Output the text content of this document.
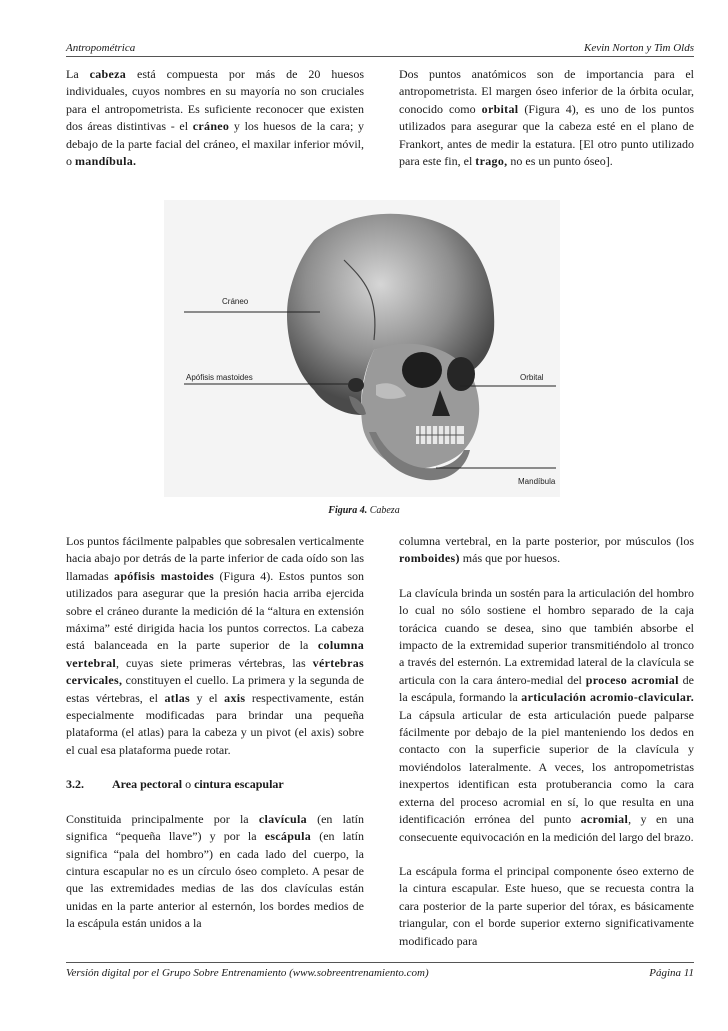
Antropométrica	Kevin Norton y Tim Olds

La cabeza está compuesta por más de 20 huesos individuales, cuyos nombres en su mayoría no son cruciales para el antropometrista. Es suficiente reconocer que existen dos áreas distintivas - el cráneo y los huesos de la cara; y debajo de la parte facial del cráneo, el maxilar inferior móvil, o mandíbula.

Dos puntos anatómicos son de importancia para el antropometrista. El margen óseo inferior de la órbita ocular, conocido como orbital (Figura 4), es uno de los puntos utilizados para asegurar que la cabeza esté en el plano de Frankort, antes de medir la estatura. [El otro punto utilizado para este fin, el trago, no es un punto óseo].

Cráneo
Apófisis mastoides	Orbital
Mandíbula
Figura 4. Cabeza

Los puntos fácilmente palpables que sobresalen verticalmente hacia abajo por detrás de la parte inferior de cada oído son las llamadas apófisis mastoides (Figura 4). Estos puntos son utilizados para asegurar que la presión hacia arriba ejercida sobre el cráneo durante la medición dé la “altura en extensión máxima” esté dirigida hacia los puntos correctos. La cabeza está balanceada en la parte superior de la columna vertebral, cuyas siete primeras vértebras, las vértebras cervicales, constituyen el cuello. La primera y la segunda de estas vértebras, el atlas y el axis respectivamente, están especialmente modificadas para brindar una pequeña plataforma (el atlas) para la cabeza y un pivot (el axis) sobre el cual esa plataforma puede rotar.

3.2. Area pectoral o cintura escapular

Constituida principalmente por la clavícula (en latín significa “pequeña llave”) y por la escápula (en latín significa “pala del hombro”) en cada lado del cuerpo, la cintura escapular no es un círculo óseo completo. A pesar de que las extremidades medias de las dos clavículas están unidas en la parte anterior al esternón, los bordes medios de la escápula están unidos a la

columna vertebral, en la parte posterior, por músculos (los romboides) más que por huesos.

La clavícula brinda un sostén para la articulación del hombro lo cual no sólo sostiene el hombro separado de la caja torácica cuando se desea, sino que también absorbe el impacto de la extremidad superior transmitiéndolo al tronco a través del esternón. La extremidad lateral de la clavícula se articula con la cara ántero-medial del proceso acromial de la escápula, formando la articulación acromio-clavicular. La cápsula articular de esta articulación puede palparse fácilmente por debajo de la piel manteniendo los dedos en contacto con la superficie superior de la clavícula y moviéndolos lateralmente. A veces, los antropometristas inexpertos identifican esta protuberancia como la cara externa del proceso acromial en sí, lo que resulta en una identificación errónea del punto acromial, y en una consecuente equivocación en la medición del largo del brazo.

La escápula forma el principal componente óseo externo de la cintura escapular. Este hueso, que se recuesta contra la cara posterior de la parte superior del tórax, es básicamente triangular, con el borde superior externo significativamente modificado para

Versión digital por el Grupo Sobre Entrenamiento (www.sobreentrenamiento.com)	Página 11
